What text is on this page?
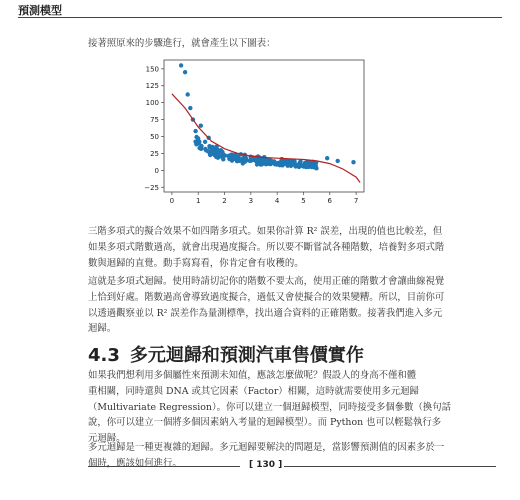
預測模型

接著照原來的步驟進行，就會產生以下圖表：

150
125
100
75
50
25
0
−25
0	1	2	3	4	5	6	7

三階多項式的擬合效果不如四階多項式。如果你計算 R² 誤差，出現的值也比較差，但

如果多項式階數過高，就會出現過度擬合。所以要不斷嘗試各種階數，培養對多項式階

數與迴歸的直覺。動手寫寫看，你肯定會有收穫的。

這就是多項式迴歸。使用時請切記你的階數不要太高，使用正確的階數才會讓曲線視覺

上恰到好處。階數過高會導致過度擬合，過低又會使擬合的效果變糟。所以，目前你可

以透過觀察並以 R² 誤差作為量測標準，找出適合資料的正確階數。接著我們進入多元

迴歸。

4.3 多元迴歸和預測汽車售價實作

如果我們想利用多個屬性來預測未知值，應該怎麼做呢？假設人的身高不僅和體

重相關，同時還與 DNA 或其它因素（Factor）相關，這時就需要使用多元迴歸

（Multivariate Regression）。你可以建立一個迴歸模型，同時接受多個參數（換句話

說，你可以建立一個將多個因素納入考量的迴歸模型）。而 Python 也可以輕鬆執行多

元迴歸。

多元迴歸是一種更複雜的迴歸。多元迴歸要解決的問題是，當影響預測值的因素多於一

個時，應該如何進行。	[ 130 ]
